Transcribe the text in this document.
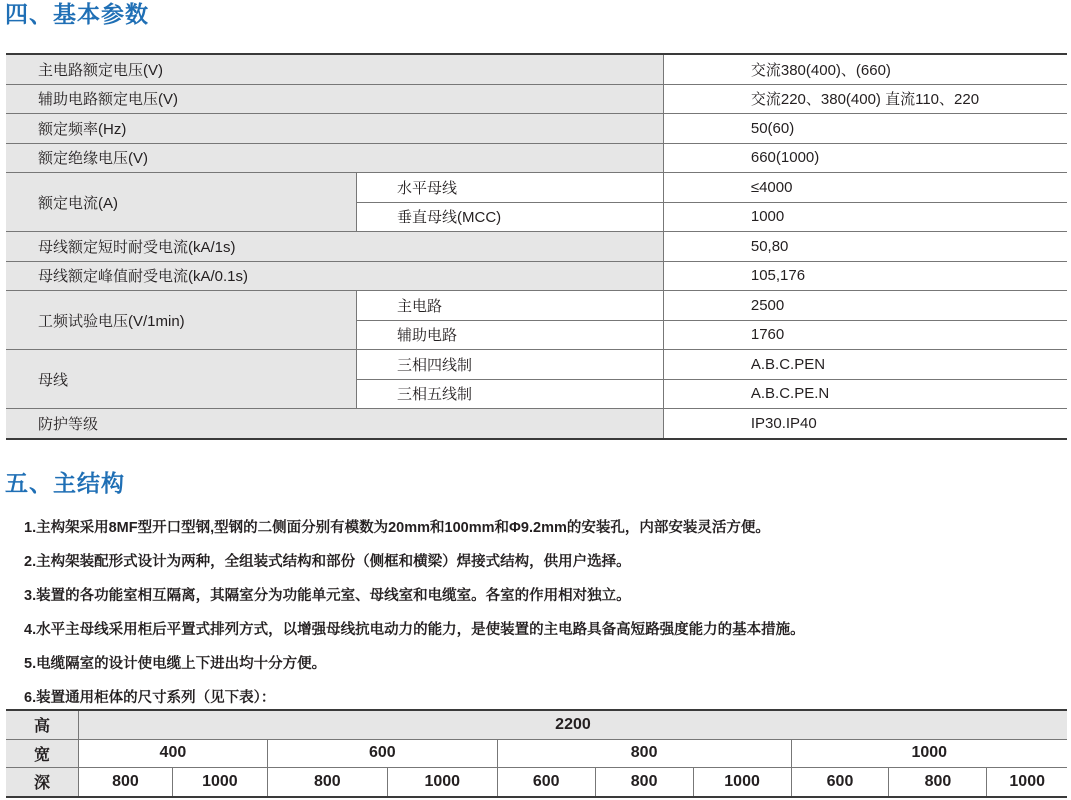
四、基本参数
主电路额定电压(V)		交流380(400)、(660)
辅助电路额定电压(V)		交流220、380(400) 直流110、220
额定频率(Hz)		50(60)
额定绝缘电压(V)		660(1000)
额定电流(A)	水平母线	≤4000
	垂直母线(MCC)	1000
母线额定短时耐受电流(kA/1s)		50,80
母线额定峰值耐受电流(kA/0.1s)		105,176
工频试验电压(V/1min)	主电路	2500
	辅助电路	1760
母线	三相四线制	A.B.C.PEN
	三相五线制	A.B.C.PE.N
防护等级		IP30.IP40
五、主结构
1.主构架采用8MF型开口型钢,型钢的二侧面分别有模数为20mm和100mm和Φ9.2mm的安装孔，内部安装灵活方便。
2.主构架装配形式设计为两种，全组装式结构和部份（侧框和横梁）焊接式结构，供用户选择。
3.装置的各功能室相互隔离，其隔室分为功能单元室、母线室和电缆室。各室的作用相对独立。
4.水平主母线采用柜后平置式排列方式，以增强母线抗电动力的能力，是使装置的主电路具备高短路强度能力的基本措施。
5.电缆隔室的设计使电缆上下进出均十分方便。
6.装置通用柜体的尺寸系列（见下表）：
高	2200									
宽	400		600		800			1000		
深	800	1000	800	1000	600	800	1000	600	800	1000
